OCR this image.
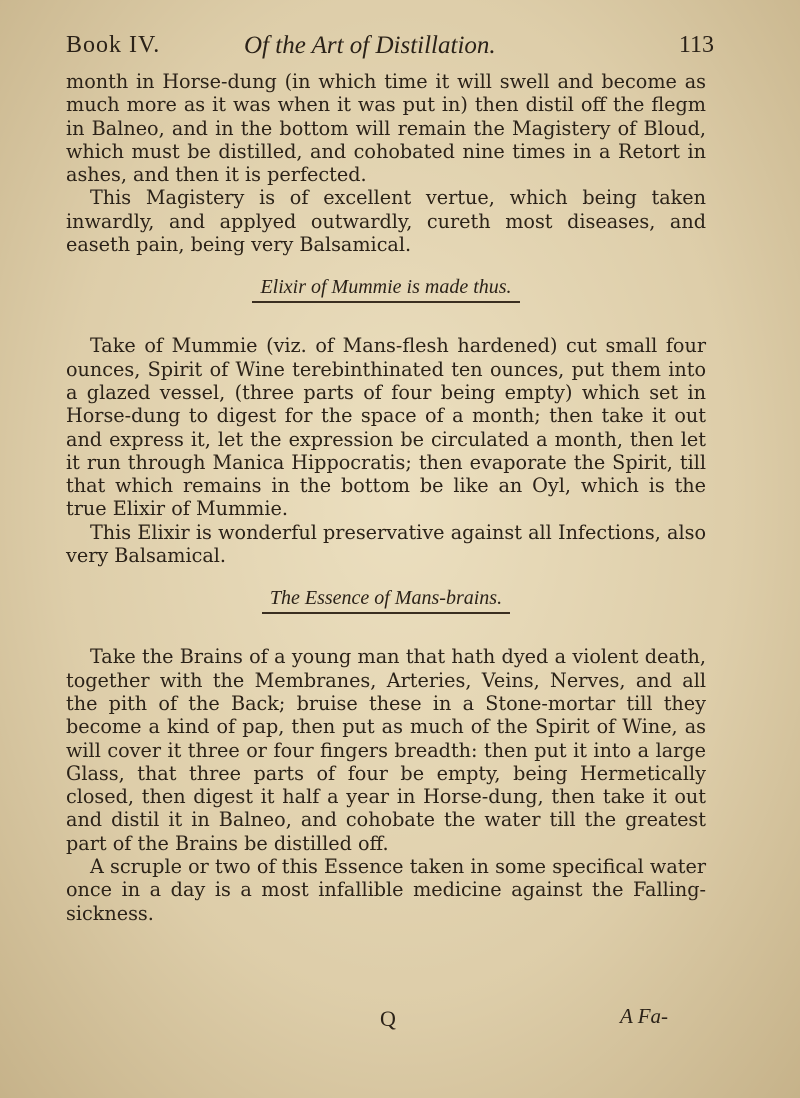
Book IV.	Of the Art of Distillation.	113

month in Horse-dung (in which time it will swell and become as much more as it was when it was put in) then distil off the flegm in Balneo, and in the bottom will remain the Magistery of Bloud, which must be distilled, and cohobated nine times in a Retort in ashes, and then it is perfected.

This Magistery is of excellent vertue, which being taken inwardly, and applyed outwardly, cureth most diseases, and easeth pain, being very Balsamical.

Elixir of Mummie is made thus.

Take of Mummie (viz. of Mans-flesh hardened) cut small four ounces, Spirit of Wine terebinthinated ten ounces, put them into a glazed vessel, (three parts of four being empty) which set in Horse-dung to digest for the space of a month; then take it out and express it, let the expression be circulated a month, then let it run through Manica Hippocratis; then evaporate the Spirit, till that which remains in the bottom be like an Oyl, which is the true Elixir of Mummie.

This Elixir is wonderful preservative against all Infections, also very Balsamical.

The Essence of Mans-brains.

Take the Brains of a young man that hath dyed a violent death, together with the Membranes, Arteries, Veins, Nerves, and all the pith of the Back; bruise these in a Stone-mortar till they become a kind of pap, then put as much of the Spirit of Wine, as will cover it three or four fingers breadth: then put it into a large Glass, that three parts of four be empty, being Hermetically closed, then digest it half a year in Horse-dung, then take it out and distil it in Balneo, and cohobate the water till the greatest part of the Brains be distilled off.

A scruple or two of this Essence taken in some specifical water once in a day is a most infallible medicine against the Falling-sickness.

Q	A Fa-
